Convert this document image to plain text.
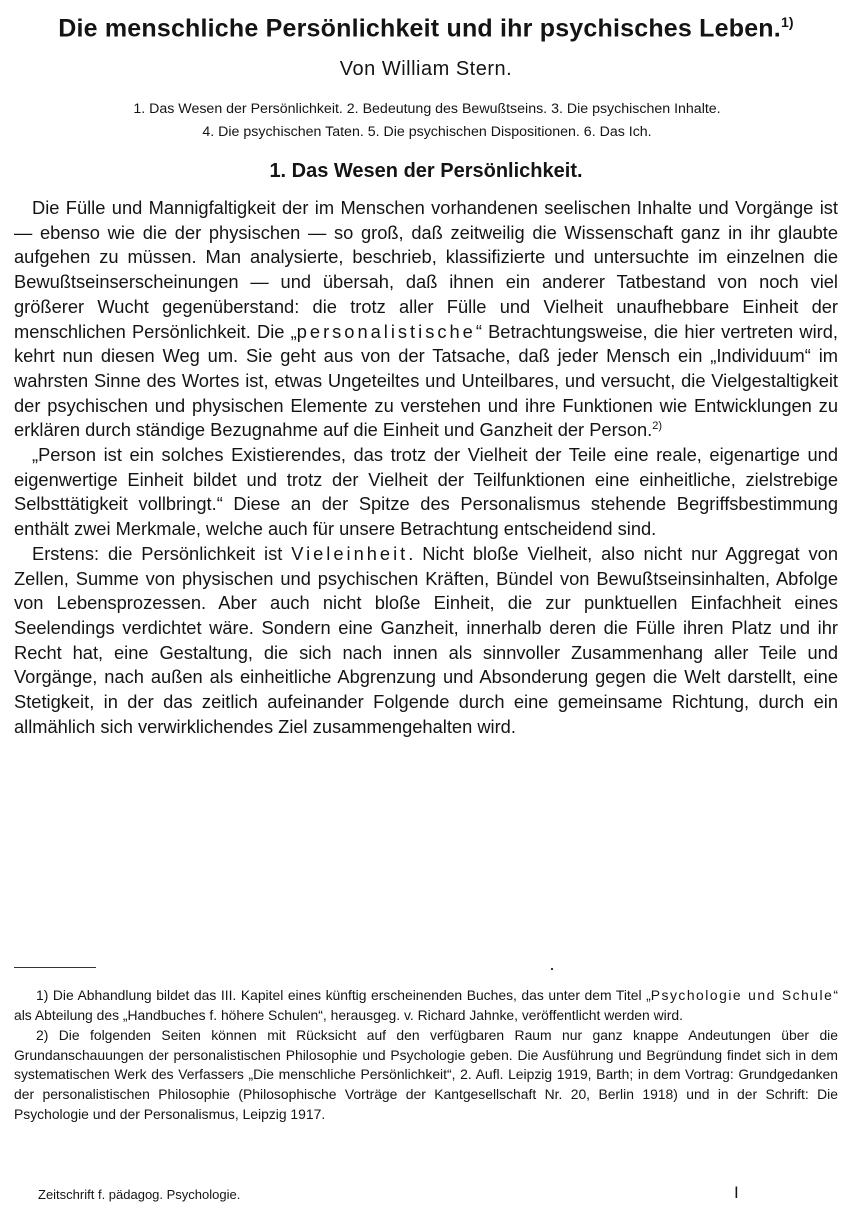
Die menschliche Persönlichkeit und ihr psychisches Leben.$^{1)}$
Von William Stern.
1. Das Wesen der Persönlichkeit. 2. Bedeutung des Bewußtseins. 3. Die psychischen Inhalte.
4. Die psychischen Taten. 5. Die psychischen Dispositionen. 6. Das Ich.
1. Das Wesen der Persönlichkeit.

Die Fülle und Mannigfaltigkeit der im Menschen vorhandenen seelischen Inhalte und Vorgänge ist — ebenso wie die der physischen — so groß, daß zeitweilig die Wissenschaft ganz in ihr glaubte aufgehen zu müssen. Man analysierte, beschrieb, klassifizierte und untersuchte im einzelnen die Bewußtseinserscheinungen — und übersah, daß ihnen ein anderer Tatbestand von noch viel größerer Wucht gegenüberstand: die trotz aller Fülle und Vielheit unaufhebbare Einheit der menschlichen Persönlichkeit. Die „personalistische“ Betrachtungsweise, die hier vertreten wird, kehrt nun diesen Weg um. Sie geht aus von der Tatsache, daß jeder Mensch ein „Individuum“ im wahrsten Sinne des Wortes ist, etwas Ungeteiltes und Unteilbares, und versucht, die Vielgestaltigkeit der psychischen und physischen Elemente zu verstehen und ihre Funktionen wie Entwicklungen zu erklären durch ständige Bezugnahme auf die Einheit und Ganzheit der Person.$^{2)}$

„Person ist ein solches Existierendes, das trotz der Vielheit der Teile eine reale, eigenartige und eigenwertige Einheit bildet und trotz der Vielheit der Teilfunktionen eine einheitliche, zielstrebige Selbsttätigkeit vollbringt.“ Diese an der Spitze des Personalismus stehende Begriffsbestimmung enthält zwei Merkmale, welche auch für unsere Betrachtung entscheidend sind.

Erstens: die Persönlichkeit ist Vieleinheit. Nicht bloße Vielheit, also nicht nur Aggregat von Zellen, Summe von physischen und psychischen Kräften, Bündel von Bewußtseinsinhalten, Abfolge von Lebensprozessen. Aber auch nicht bloße Einheit, die zur punktuellen Einfachheit eines Seelendings verdichtet wäre. Sondern eine Ganzheit, innerhalb deren die Fülle ihren Platz und ihr Recht hat, eine Gestaltung, die sich nach innen als sinnvoller Zusammenhang aller Teile und Vorgänge, nach außen als einheitliche Abgrenzung und Absonderung gegen die Welt darstellt, eine Stetigkeit, in der das zeitlich aufeinander Folgende durch eine gemeinsame Richtung, durch ein allmählich sich verwirklichendes Ziel zusammengehalten wird.

1) Die Abhandlung bildet das III. Kapitel eines künftig erscheinenden Buches, das unter dem Titel „Psychologie und Schule“ als Abteilung des „Handbuches f. höhere Schulen“, herausgeg. v. Richard Jahnke, veröffentlicht werden wird.

2) Die folgenden Seiten können mit Rücksicht auf den verfügbaren Raum nur ganz knappe Andeutungen über die Grundanschauungen der personalistischen Philosophie und Psychologie geben. Die Ausführung und Begründung findet sich in dem systematischen Werk des Verfassers „Die menschliche Persönlichkeit“, 2. Aufl. Leipzig 1919, Barth; in dem Vortrag: Grundgedanken der personalistischen Philosophie (Philosophische Vorträge der Kantgesellschaft Nr. 20, Berlin 1918) und in der Schrift: Die Psychologie und der Personalismus, Leipzig 1917.

Zeitschrift f. pädagog. Psychologie.	I
